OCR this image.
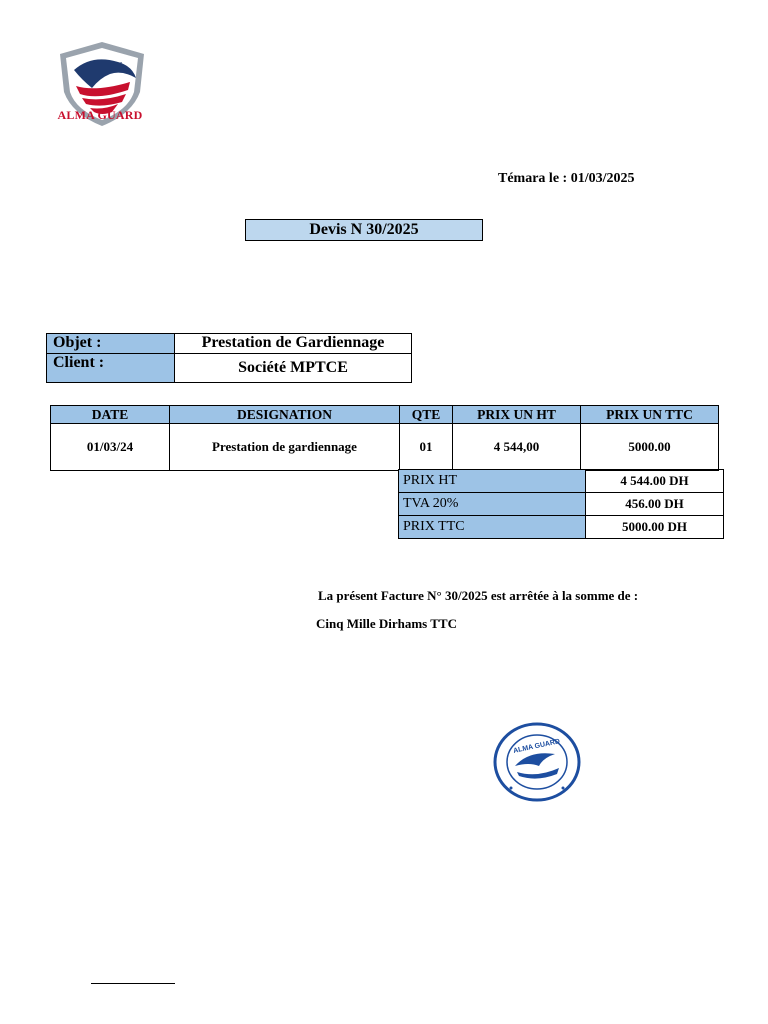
ALMA GUARD
Témara le : 01/03/2025
Devis N 30/2025
Objet :	Prestation de Gardiennage
Client :	Société MPTCE
DATE	DESIGNATION	QTE	PRIX UN HT	PRIX UN TTC
01/03/24	Prestation de gardiennage	01	4 544,00	5000.00
PRIX HT	4 544.00 DH
TVA 20%	456.00 DH
PRIX TTC	5000.00 DH
La présent Facture N° 30/2025 est arrêtée à la somme de :
Cinq Mille Dirhams TTC
ALMA GUARD
